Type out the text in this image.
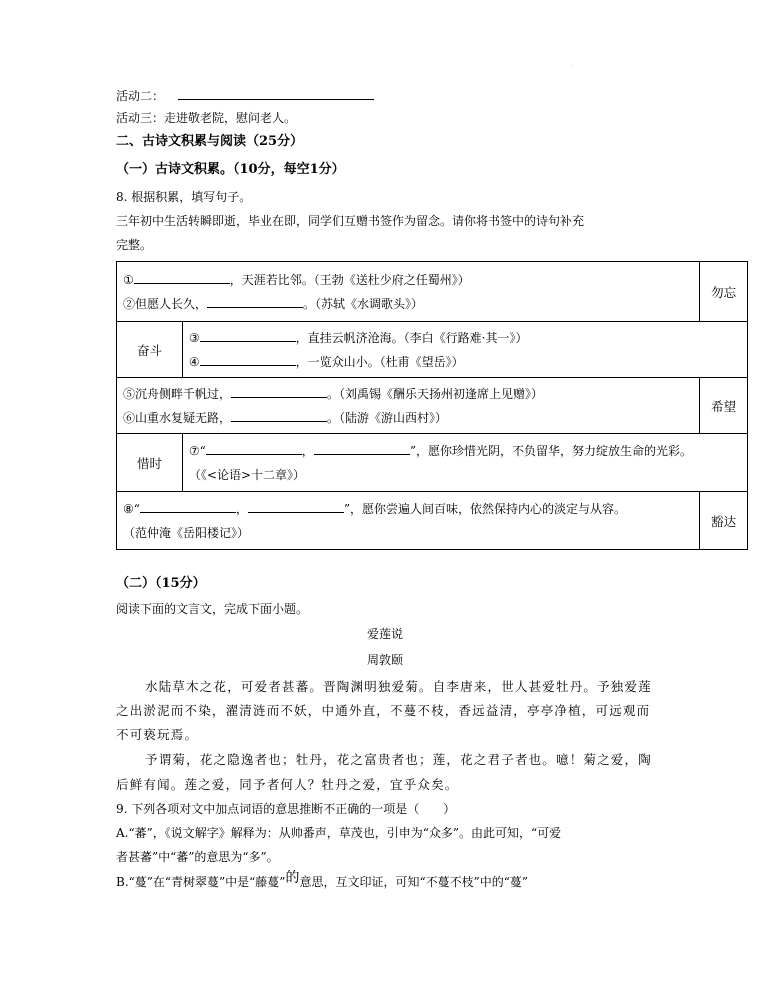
.
活动二：
活动三：走进敬老院，慰问老人。
二、古诗文积累与阅读（25分）
（一）古诗文积累。（10分，每空1分）
8. 根据积累，填写句子。
三年初中生活转瞬即逝，毕业在即，同学们互赠书签作为留念。请你将书签中的诗句补充
完整。
① ，天涯若比邻。（王勃《送杜少府之任蜀州》）
②但愿人长久， 。（苏轼《水调歌头》）		勿忘
奋斗	③ ，直挂云帆济沧海。（李白《行路难·其一》）
④ ，一览众山小。（杜甫《望岳》）	

⑤沉舟侧畔千帆过， 。（刘禹锡《酬乐天扬州初逢席上见赠》）
⑥山重水复疑无路， 。（陆游《游山西村》）		希望
惜时	⑦“ ， ”，愿你珍惜光阴，不负留华，努力绽放生命的光彩。
（《<论语>十二章》）	

⑧“ ， ”，愿你尝遍人间百味，依然保持内心的淡定与从容。
（范仲淹《岳阳楼记》）		豁达
（二）（15分）
阅读下面的文言文，完成下面小题。
爱莲说
周敦颐
水陆草木之花，可爱者甚蕃。晋陶渊明独爱菊。自李唐来，世人甚爱牡丹。予独爱莲
之出淤泥而不染，濯清涟而不妖，中通外直，不蔓不枝，香远益清，亭亭净植，可远观而
不可亵玩焉。
予谓菊，花之隐逸者也；牡丹，花之富贵者也；莲，花之君子者也。噫！菊之爱，陶
后鲜有闻。莲之爱，同予者何人？牡丹之爱，宜乎众矣。
9. 下列各项对文中加点词语的意思推断不正确的一项是（　　）
A.“蕃”，《说文解字》解释为：从帅番声，草茂也，引申为“众多”。由此可知，“可爱
者甚蕃”中“蕃”的意思为“多”。
B.“蔓”在“青树翠蔓”中是“藤蔓”的意思，互文印证，可知“不蔓不枝”中的“蔓”
